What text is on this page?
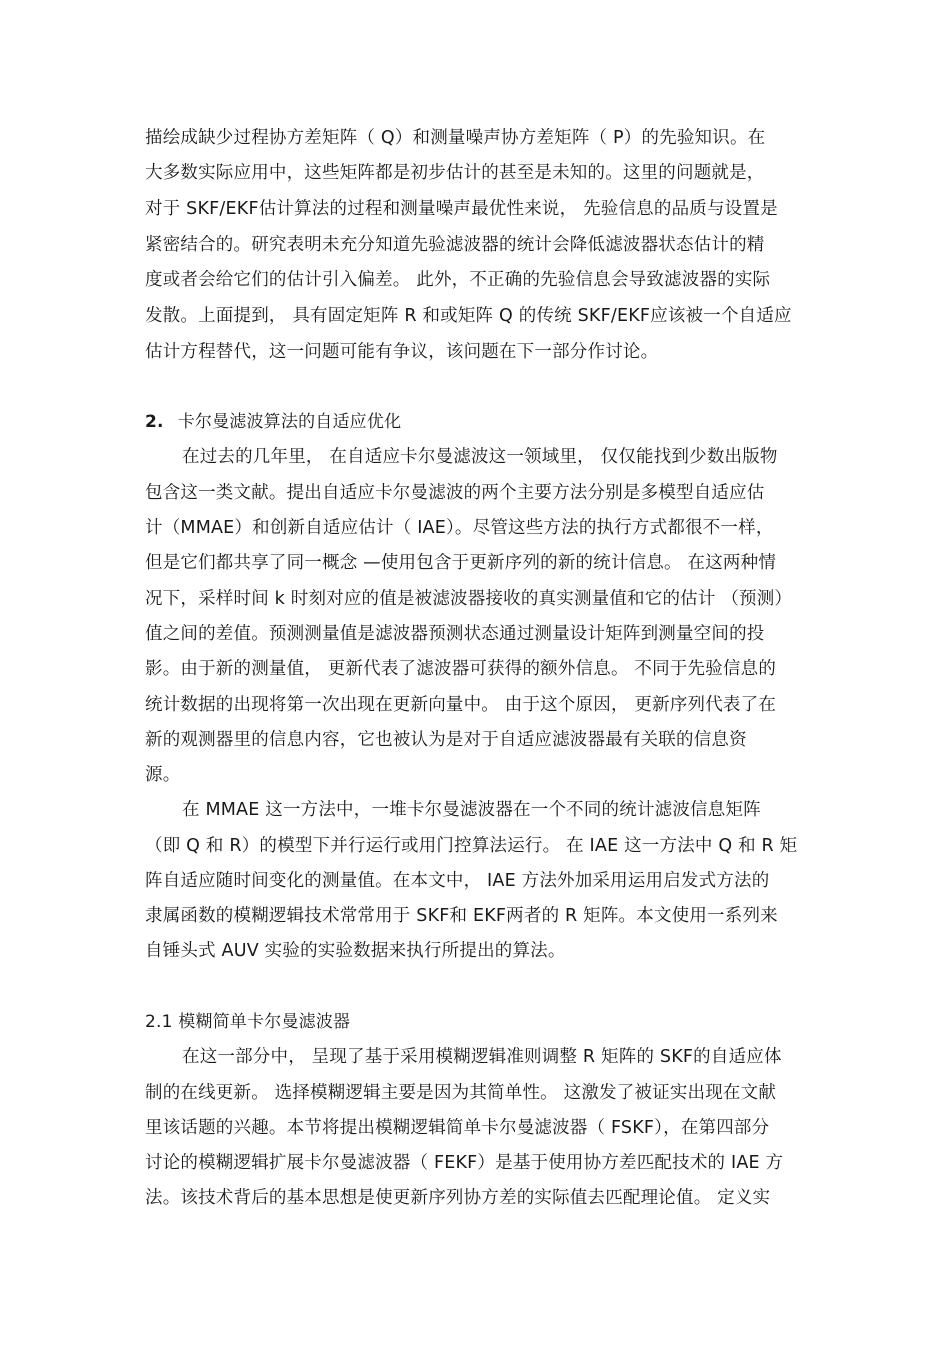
描绘成缺少过程协方差矩阵（ Q）和测量噪声协方差矩阵（ P）的先验知识。在
大多数实际应用中，这些矩阵都是初步估计的甚至是未知的。这里的问题就是，
对于 SKF/EKF估计算法的过程和测量噪声最优性来说， 先验信息的品质与设置是
紧密结合的。研究表明未充分知道先验滤波器的统计会降低滤波器状态估计的精
度或者会给它们的估计引入偏差。 此外，不正确的先验信息会导致滤波器的实际
发散。上面提到， 具有固定矩阵 R 和或矩阵 Q 的传统 SKF/EKF应该被一个自适应
估计方程替代，这一问题可能有争议，该问题在下一部分作讨论。
2. 卡尔曼滤波算法的自适应优化
在过去的几年里， 在自适应卡尔曼滤波这一领域里， 仅仅能找到少数出版物
包含这一类文献。提出自适应卡尔曼滤波的两个主要方法分别是多模型自适应估
计（MMAE）和创新自适应估计（ IAE）。尽管这些方法的执行方式都很不一样，
但是它们都共享了同一概念 —使用包含于更新序列的新的统计信息。 在这两种情
况下，采样时间 k 时刻对应的值是被滤波器接收的真实测量值和它的估计 （预测）
值之间的差值。预测测量值是滤波器预测状态通过测量设计矩阵到测量空间的投
影。由于新的测量值， 更新代表了滤波器可获得的额外信息。 不同于先验信息的
统计数据的出现将第一次出现在更新向量中。 由于这个原因， 更新序列代表了在
新的观测器里的信息内容，它也被认为是对于自适应滤波器最有关联的信息资
源。
在 MMAE 这一方法中，一堆卡尔曼滤波器在一个不同的统计滤波信息矩阵
（即 Q 和 R）的模型下并行运行或用门控算法运行。 在 IAE 这一方法中 Q 和 R 矩
阵自适应随时间变化的测量值。在本文中， IAE 方法外加采用运用启发式方法的
隶属函数的模糊逻辑技术常常用于 SKF和 EKF两者的 R 矩阵。本文使用一系列来
自锤头式 AUV 实验的实验数据来执行所提出的算法。
2.1 模糊简单卡尔曼滤波器
在这一部分中， 呈现了基于采用模糊逻辑准则调整 R 矩阵的 SKF的自适应体
制的在线更新。 选择模糊逻辑主要是因为其简单性。 这激发了被证实出现在文献
里该话题的兴趣。本节将提出模糊逻辑简单卡尔曼滤波器（ FSKF），在第四部分
讨论的模糊逻辑扩展卡尔曼滤波器（ FEKF）是基于使用协方差匹配技术的 IAE 方
法。该技术背后的基本思想是使更新序列协方差的实际值去匹配理论值。 定义实
